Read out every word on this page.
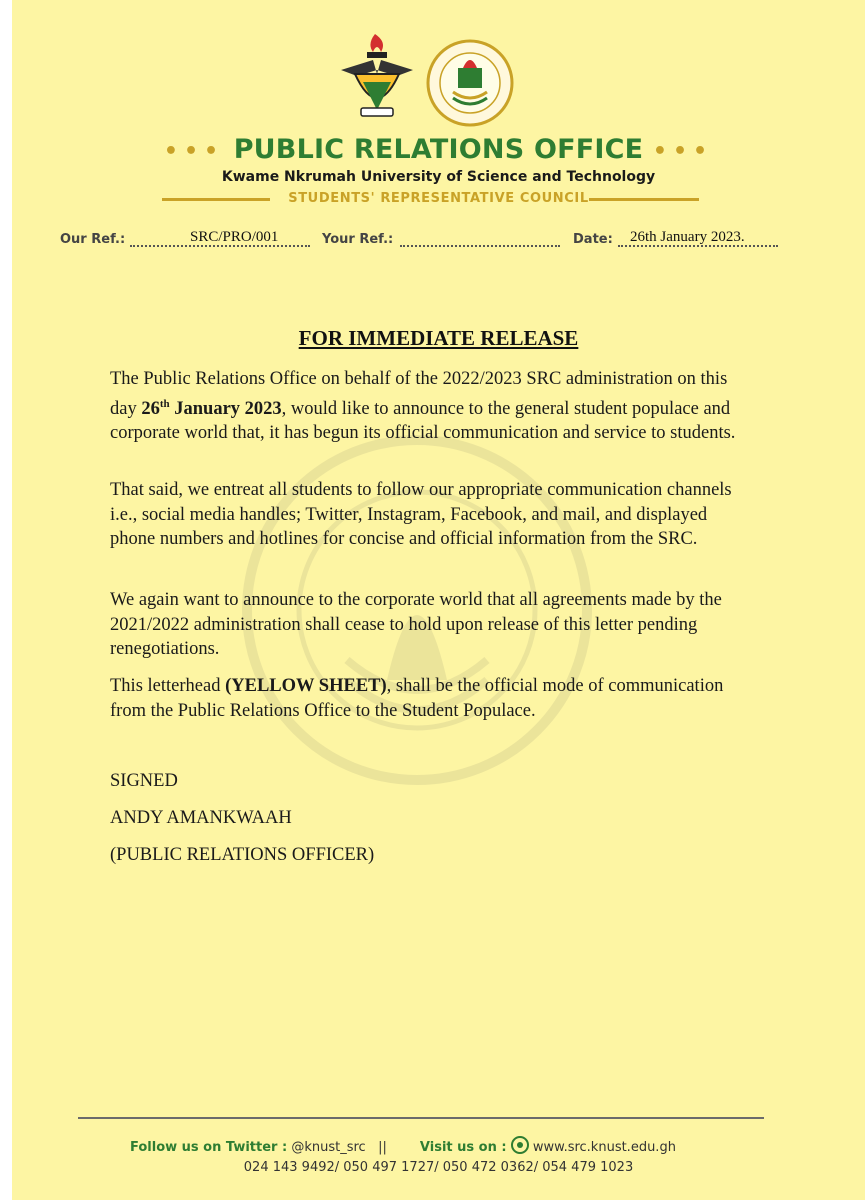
••• PUBLIC RELATIONS OFFICE •••
Kwame Nkrumah University of Science and Technology
STUDENTS' REPRESENTATIVE COUNCIL
Our Ref.:	SRC/PRO/001	Your Ref.:	Date: 26th January 2023.
FOR IMMEDIATE RELEASE
The Public Relations Office on behalf of the 2022/2023 SRC administration on this day 26th January 2023, would like to announce to the general student populace and corporate world that, it has begun its official communication and service to students.
That said, we entreat all students to follow our appropriate communication channels i.e., social media handles; Twitter, Instagram, Facebook, and mail, and displayed phone numbers and hotlines for concise and official information from the SRC.
We again want to announce to the corporate world that all agreements made by the 2021/2022 administration shall cease to hold upon release of this letter pending renegotiations.
This letterhead (YELLOW SHEET), shall be the official mode of communication from the Public Relations Office to the Student Populace.
SIGNED
ANDY AMANKWAAH
(PUBLIC RELATIONS OFFICER)
Follow us on Twitter : @knust_src ||	Visit us on : www.src.knust.edu.gh
024 143 9492/ 050 497 1727/ 050 472 0362/ 054 479 1023
